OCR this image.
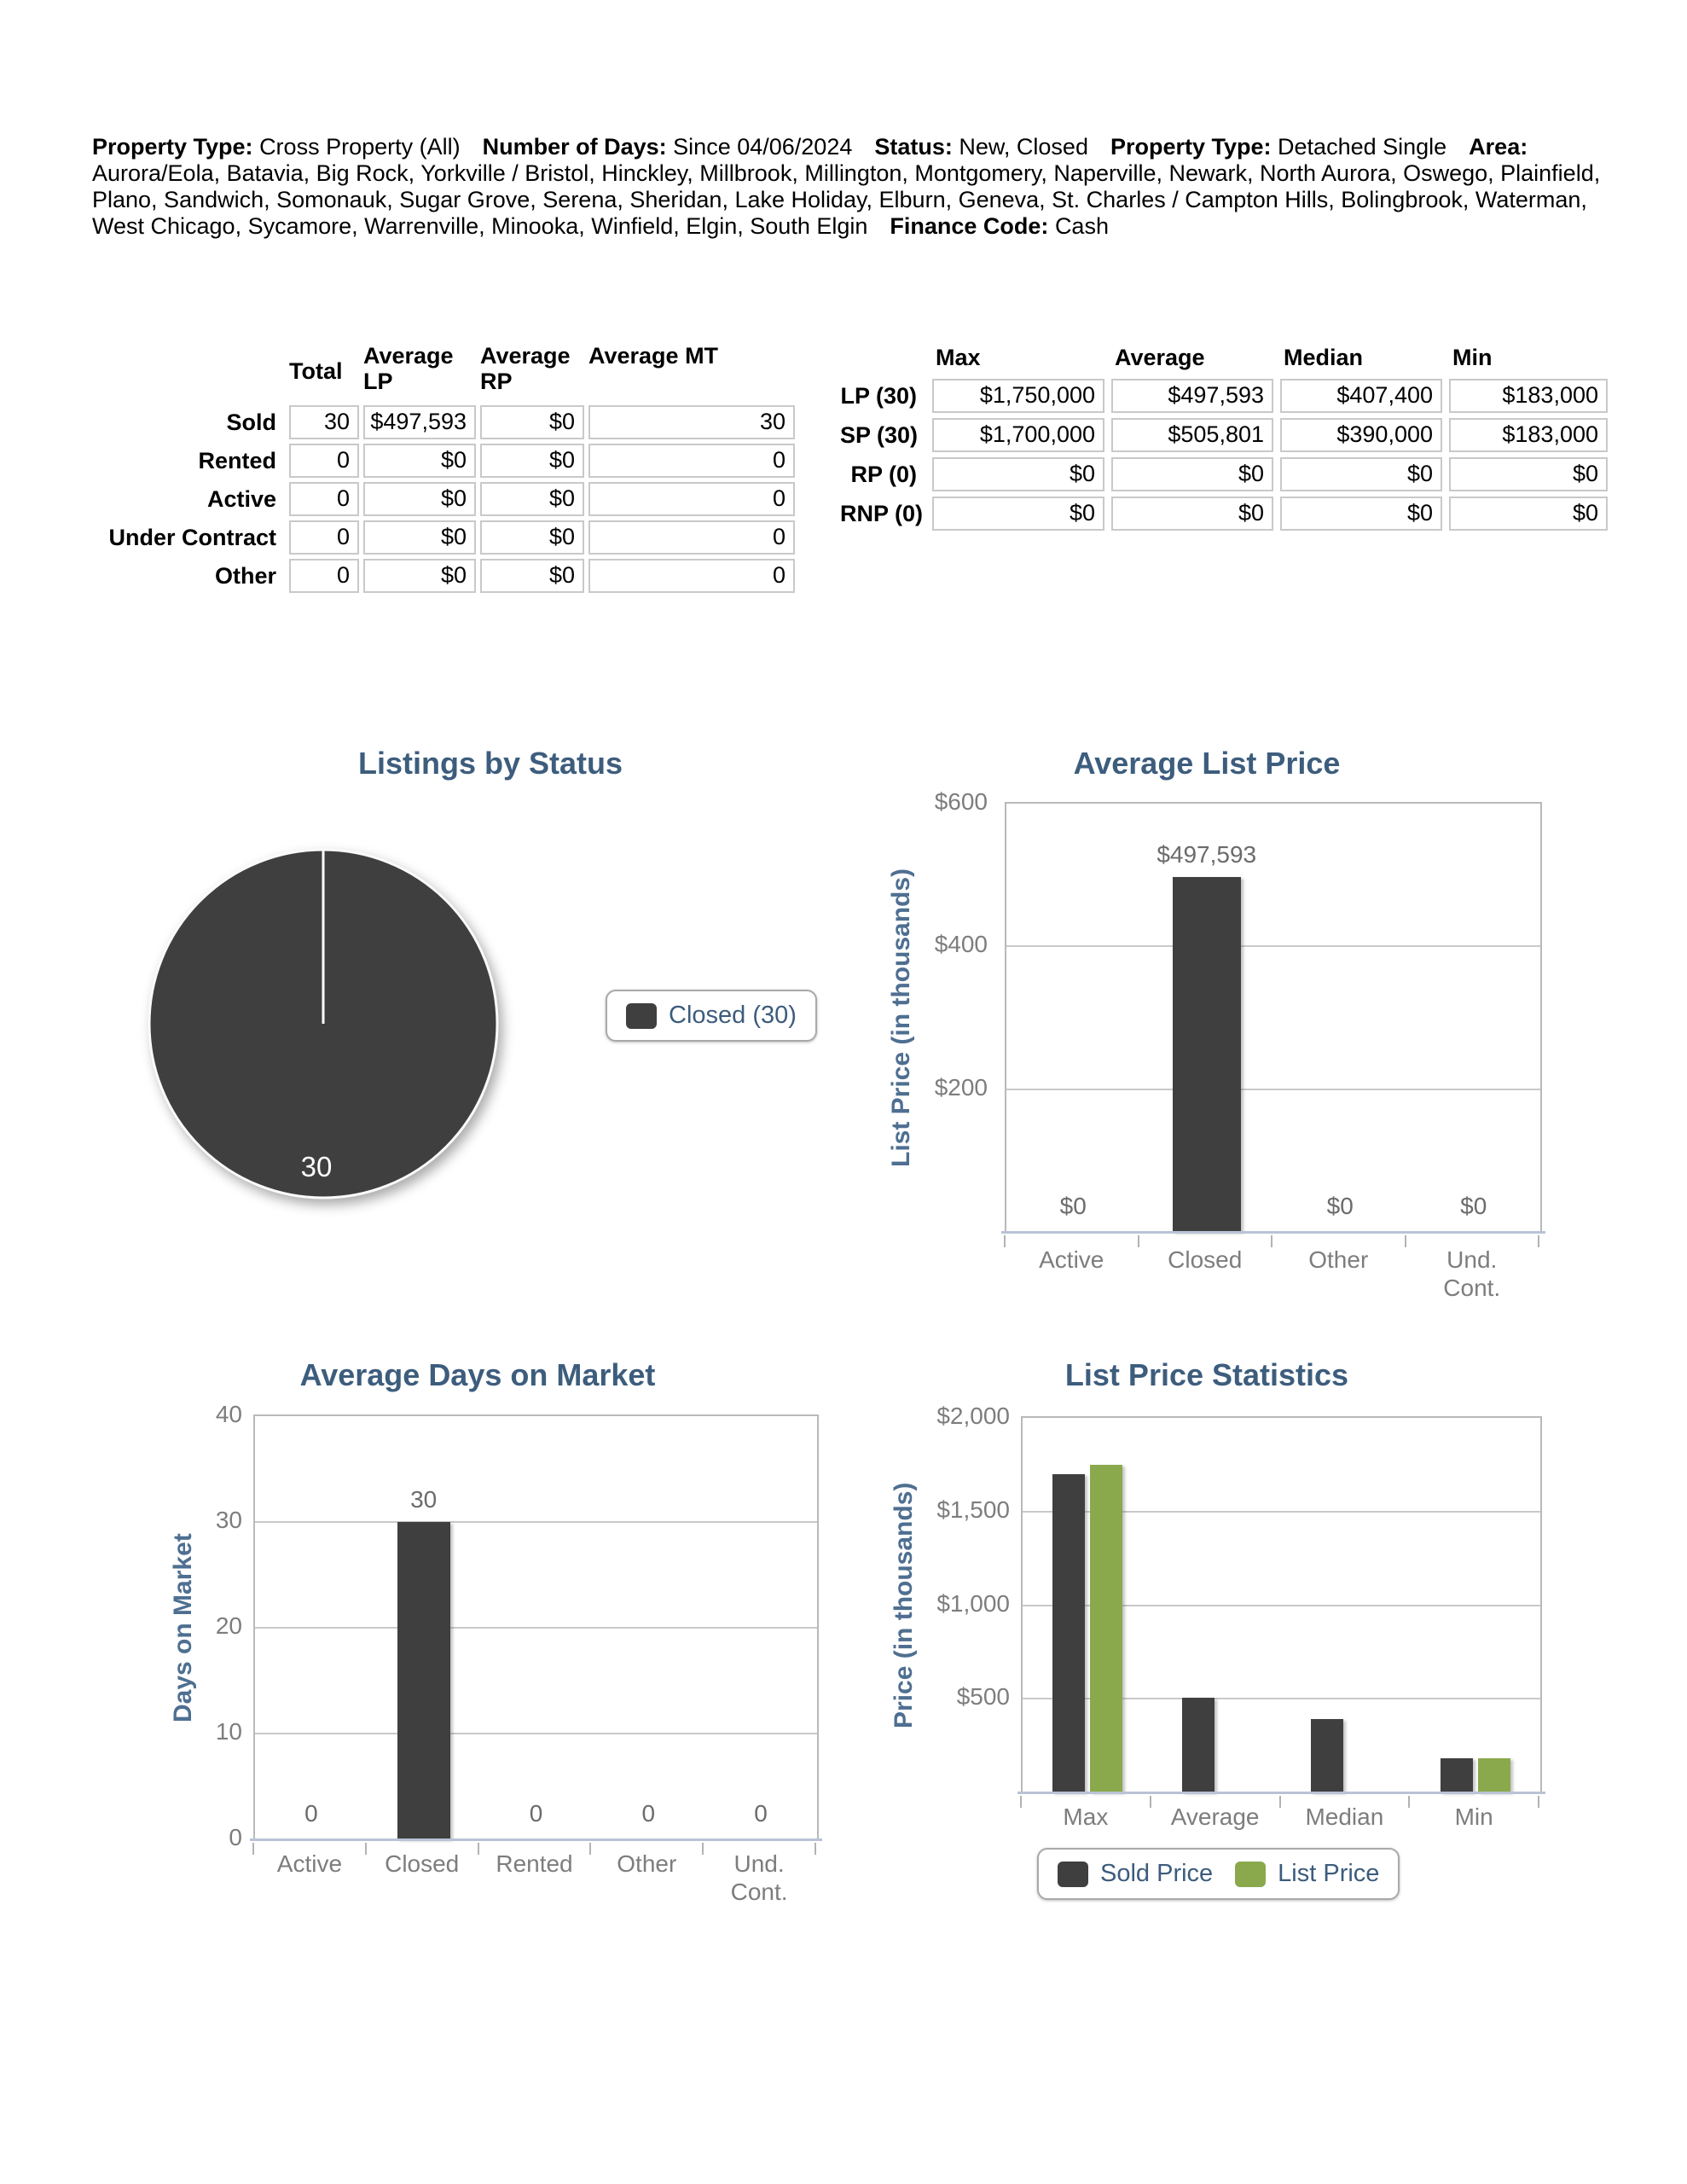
Property Type: Cross Property (All) Number of Days: Since 04/06/2024 Status: New, Closed Property Type: Detached Single Area: Aurora/Eola, Batavia, Big Rock, Yorkville / Bristol, Hinckley, Millbrook, Millington, Montgomery, Naperville, Newark, North Aurora, Oswego, Plainfield, Plano, Sandwich, Somonauk, Sugar Grove, Serena, Sheridan, Lake Holiday, Elburn, Geneva, St. Charles / Campton Hills, Bolingbrook, Waterman, West Chicago, Sycamore, Warrenville, Minooka, Winfield, Elgin, South Elgin Finance Code: Cash

Total
Average LP
Average RP
Average MT
Sold	30 $497,593	$0	30
Rented	0	$0	$0	0
Active	0	$0	$0	0
Under Contract	0	$0	$0	0
Other	0	$0	$0	0
Max	Average	Median	Min
LP (30)	$1,750,000	$497,593	$407,400	$183,000
SP (30)	$1,700,000	$505,801	$390,000	$183,000
RP (0)	$0	$0	$0	$0
RNP (0)	$0	$0	$0	$0
Listings by Status
30
Closed (30)
Average List Price
List Price (in thousands)
$600
$400
$200
$0
$497,593
$0	$0
Active	Closed	Other	Und. Cont.
Average Days on Market
Days on Market
40
30
20
10
0
0
30
0	0	0
Active	Closed	Rented	Other	Und. Cont.
List Price Statistics
Price (in thousands)
$2,000
$1,500
$1,000
$500
Max	Average	Median	Min
Sold Price	List Price
